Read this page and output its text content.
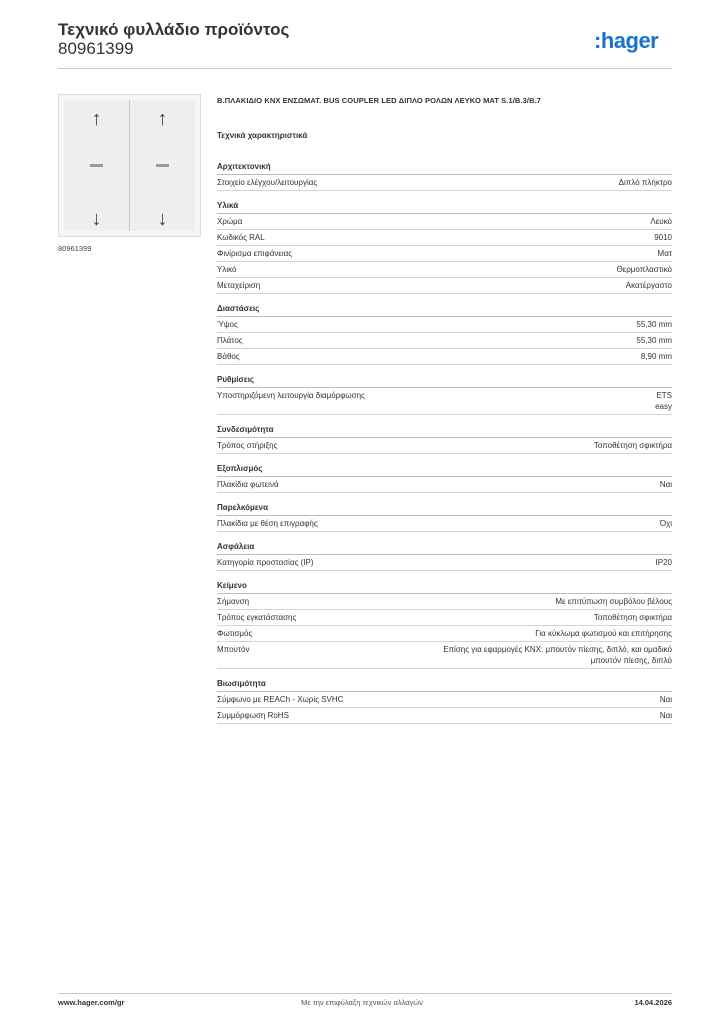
Τεχνικό φυλλάδιο προϊόντος
80961399	:hager
↑
↓
↑
↓
80961399
B.ΠΛΑΚΙΔΙΟ KNX ΕΝΣΩΜΑΤ. BUS COUPLER LED ΔΙΠΛΟ ΡΟΛΩΝ ΛΕΥΚΟ ΜΑΤ S.1/B.3/B.7
Τεχνικά χαρακτηριστικά
Αρχιτεκτονική
Στοιχείο ελέγχου/λειτουργίας	Διπλό πλήκτρο
Υλικά
Χρώμα	Λευκό
Κωδικός RAL	9010
Φινίρισμα επιφάνειας	Ματ
Υλικό	Θερμοπλαστικό
Μεταχείριση	Ακατέργαστο
Διαστάσεις
Ύψος	55,30 mm
Πλάτος	55,30 mm
Βάθος	8,90 mm
Ρυθμίσεις
Υποστηριζόμενη λειτουργία διαμόρφωσης	ETS
easy
Συνδεσιμότητα
Τρόπος στήριξης	Τοποθέτηση σφικτήρα
Εξοπλισμός
Πλακίδια φωτεινά	Ναι
Παρελκόμενα
Πλακίδια με θέση επιγραφής	Όχι
Ασφάλεια
Κατηγορία προστασίας (IP)	IP20
Κείμενο
Σήμανση	Με επιτύπωση συμβόλου βέλους
Τρόπος εγκατάστασης	Τοποθέτηση σφικτήρα
Φωτισμός	Για κύκλωμα φωτισμού και επιτήρησης
Μπουτόν	Επίσης για εφαρμογές KNX: μπουτόν πίεσης, διπλό, και ομαδικό
μπουτόν πίεσης, διπλό
Βιωσιμότητα
Σύμφωνο με REACh - Χωρίς SVHC	Ναι
Συμμόρφωση RoHS	Ναι
www.hager.com/gr	Με την επιφύλαξη τεχνικών αλλαγών	14.04.2026
